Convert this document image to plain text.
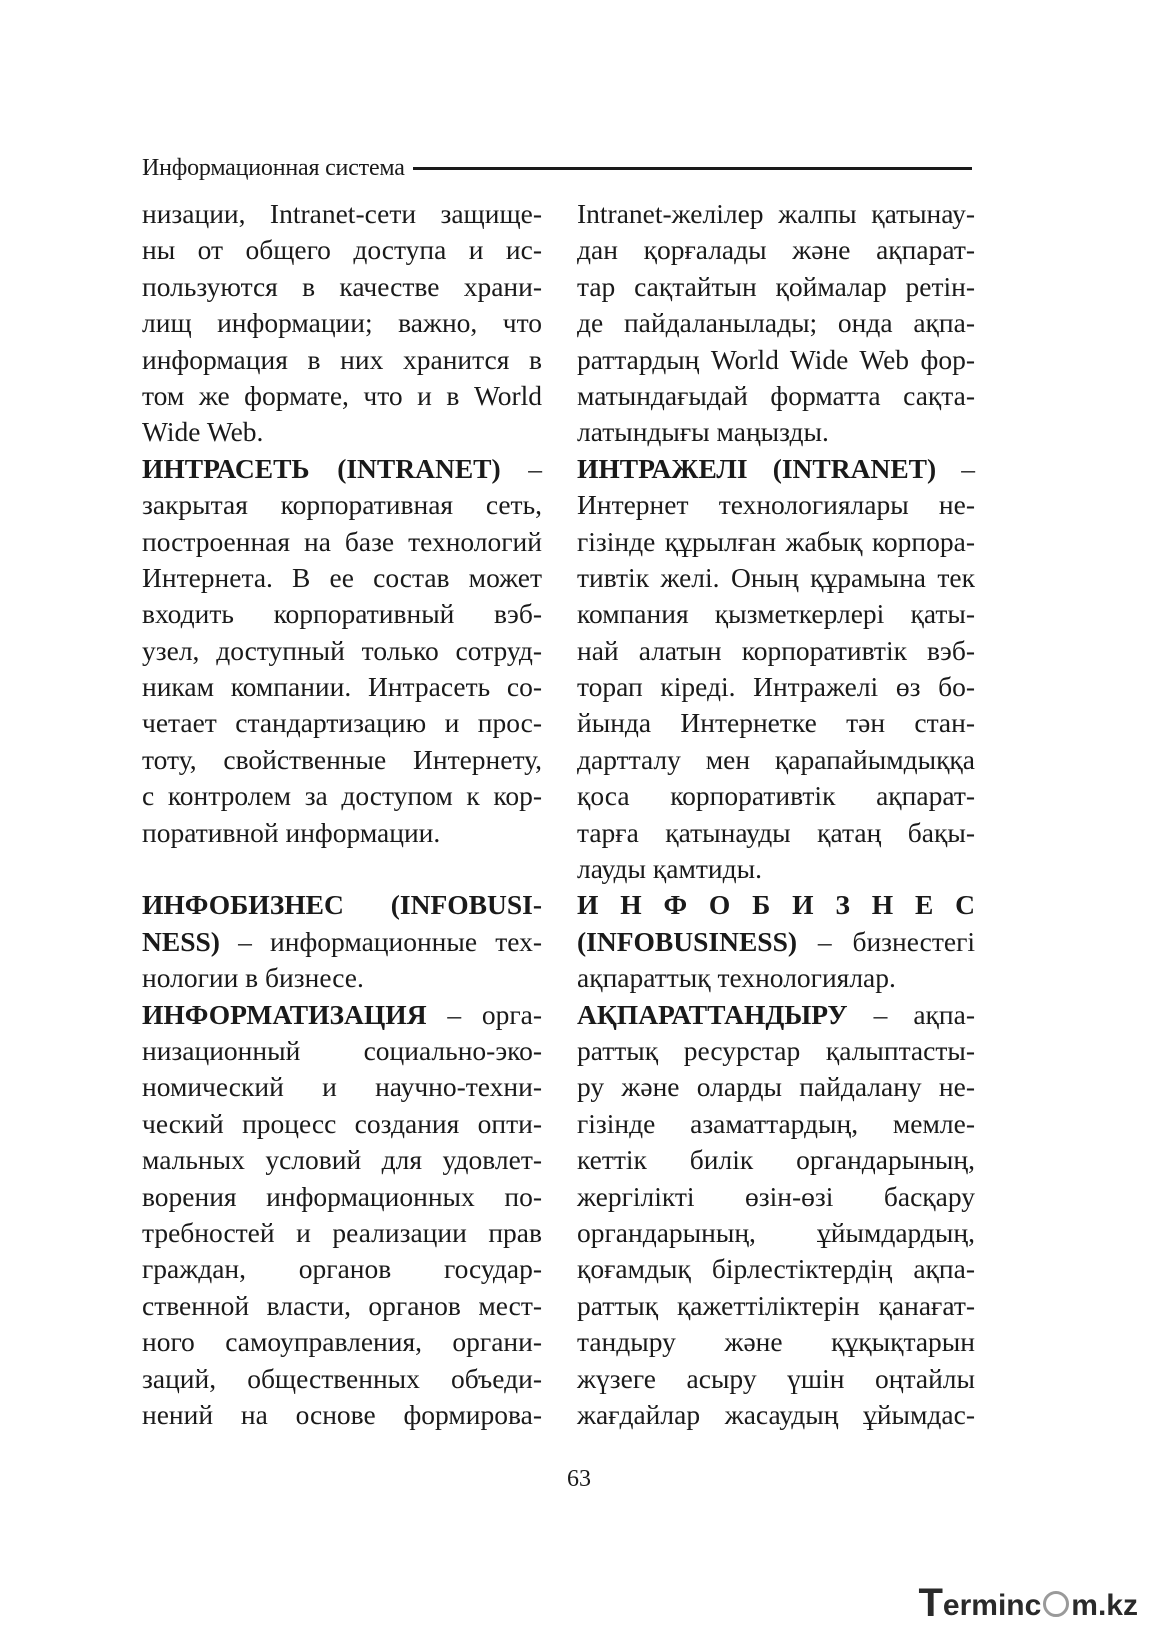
Информационная система
низации, Intranet-сети защище-
ны от общего доступа и ис-
пользуются в качестве храни-
лищ информации; важно, что
информация в них хранится в
том же формате, что и в World
Wide Web.
ИНТРАСЕТЬ (INTRANET) –
закрытая корпоративная сеть,
построенная на базе технологий
Интернета. В ее состав может
входить корпоративный вэб-
узел, доступный только сотруд-
никам компании. Интрасеть со-
четает стандартизацию и прос-
тоту, свойственные Интернету,
с контролем за доступом к кор-
поративной информации.
ИНФОБИЗНЕС (INFOBUSI-
NESS) – информационные тех-
нологии в бизнесе.
ИНФОРМАТИЗАЦИЯ – орга-
низационный социально-эко-
номический и научно-техни-
ческий процесс создания опти-
мальных условий для удовлет-
ворения информационных по-
требностей и реализации прав
граждан, органов государ-
ственной власти, органов мест-
ного самоуправления, органи-
заций, общественных объеди-
нений на основе формирова-
Intranet-желілер жалпы қатынау-
дан қорғалады және ақпарат-
тар сақтайтын қоймалар ретін-
де пайдаланылады; онда ақпа-
раттардың World Wide Web фор-
матындағыдай форматта сақта-
латындығы маңызды.
ИНТРАЖЕЛІ (INTRANET) –
Интернет технологиялары не-
гізінде құрылған жабық корпора-
тивтік желі. Оның құрамына тек
компания қызметкерлері қаты-
най алатын корпоративтік вэб-
торап кіреді. Интражелі өз бо-
йында Интернетке тән стан-
дартталу мен қарапайымдыққа
қоса корпоративтік ақпарат-
тарға қатынауды қатаң бақы-
лауды қамтиды.
И Н Ф О Б И З Н Е С
(INFOBUSINESS) – бизнестегі
ақпараттық технологиялар.
АҚПАРАТТАНДЫРУ – ақпа-
раттық ресурстар қалыптасты-
ру және оларды пайдалану не-
гізінде азаматтардың, мемле-
кеттік билік органдарының,
жергілікті өзін-өзі басқару
органдарының, ұйымдардың,
қоғамдық бірлестіктердің ақпа-
раттық қажеттіліктерін қанағат-
тандыру және құқықтарын
жүзеге асыру үшін оңтайлы
жағдайлар жасаудың ұйымдас-
63
T erminc m.kz
